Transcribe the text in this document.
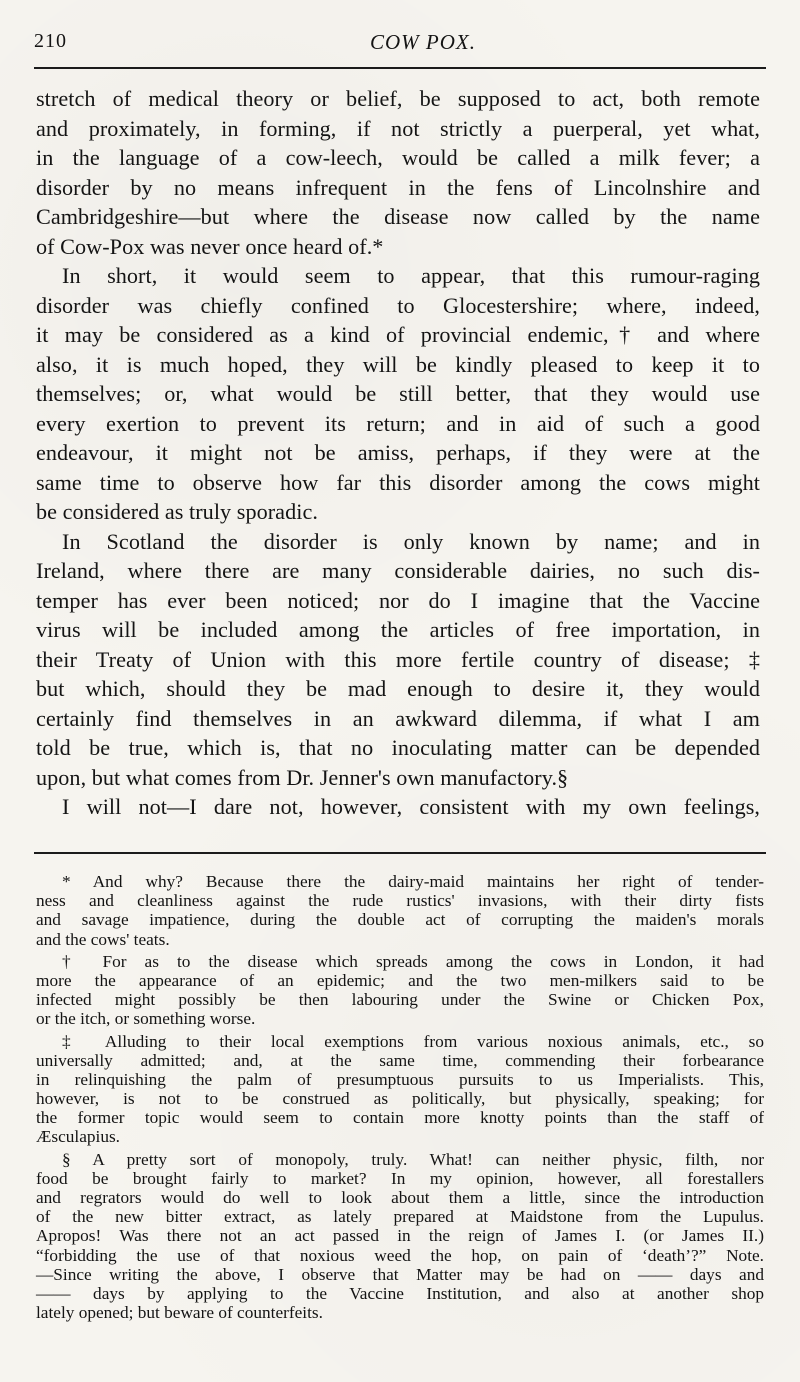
210	COW POX.
stretch of medical theory or belief, be supposed to act, both remote
and proximately, in forming, if not strictly a puerperal, yet what,
in the language of a cow-leech, would be called a milk fever; a
disorder by no means infrequent in the fens of Lincolnshire and
Cambridgeshire—but where the disease now called by the name
of Cow-Pox was never once heard of.*
In short, it would seem to appear, that this rumour-raging
disorder was chiefly confined to Glocestershire; where, indeed,
it may be considered as a kind of provincial endemic,† and where
also, it is much hoped, they will be kindly pleased to keep it to
themselves; or, what would be still better, that they would use
every exertion to prevent its return; and in aid of such a good
endeavour, it might not be amiss, perhaps, if they were at the
same time to observe how far this disorder among the cows might
be considered as truly sporadic.
In Scotland the disorder is only known by name; and in
Ireland, where there are many considerable dairies, no such dis-
temper has ever been noticed; nor do I imagine that the Vaccine
virus will be included among the articles of free importation, in
their Treaty of Union with this more fertile country of disease; ‡
but which, should they be mad enough to desire it, they would
certainly find themselves in an awkward dilemma, if what I am
told be true, which is, that no inoculating matter can be depended
upon, but what comes from Dr. Jenner's own manufactory.§
I will not—I dare not, however, consistent with my own feelings,
* And why? Because there the dairy-maid maintains her right of tender-
ness and cleanliness against the rude rustics' invasions, with their dirty fists
and savage impatience, during the double act of corrupting the maiden's morals
and the cows' teats.
† For as to the disease which spreads among the cows in London, it had
more the appearance of an epidemic; and the two men-milkers said to be
infected might possibly be then labouring under the Swine or Chicken Pox,
or the itch, or something worse.
‡ Alluding to their local exemptions from various noxious animals, etc., so
universally admitted; and, at the same time, commending their forbearance
in relinquishing the palm of presumptuous pursuits to us Imperialists. This,
however, is not to be construed as politically, but physically, speaking; for
the former topic would seem to contain more knotty points than the staff of
Æsculapius.
§ A pretty sort of monopoly, truly. What! can neither physic, filth, nor
food be brought fairly to market? In my opinion, however, all forestallers
and regrators would do well to look about them a little, since the introduction
of the new bitter extract, as lately prepared at Maidstone from the Lupulus.
Apropos! Was there not an act passed in the reign of James I. (or James II.)
“forbidding the use of that noxious weed the hop, on pain of ‘death’?” Note.
—Since writing the above, I observe that Matter may be had on —— days and
—— days by applying to the Vaccine Institution, and also at another shop
lately opened; but beware of counterfeits.
